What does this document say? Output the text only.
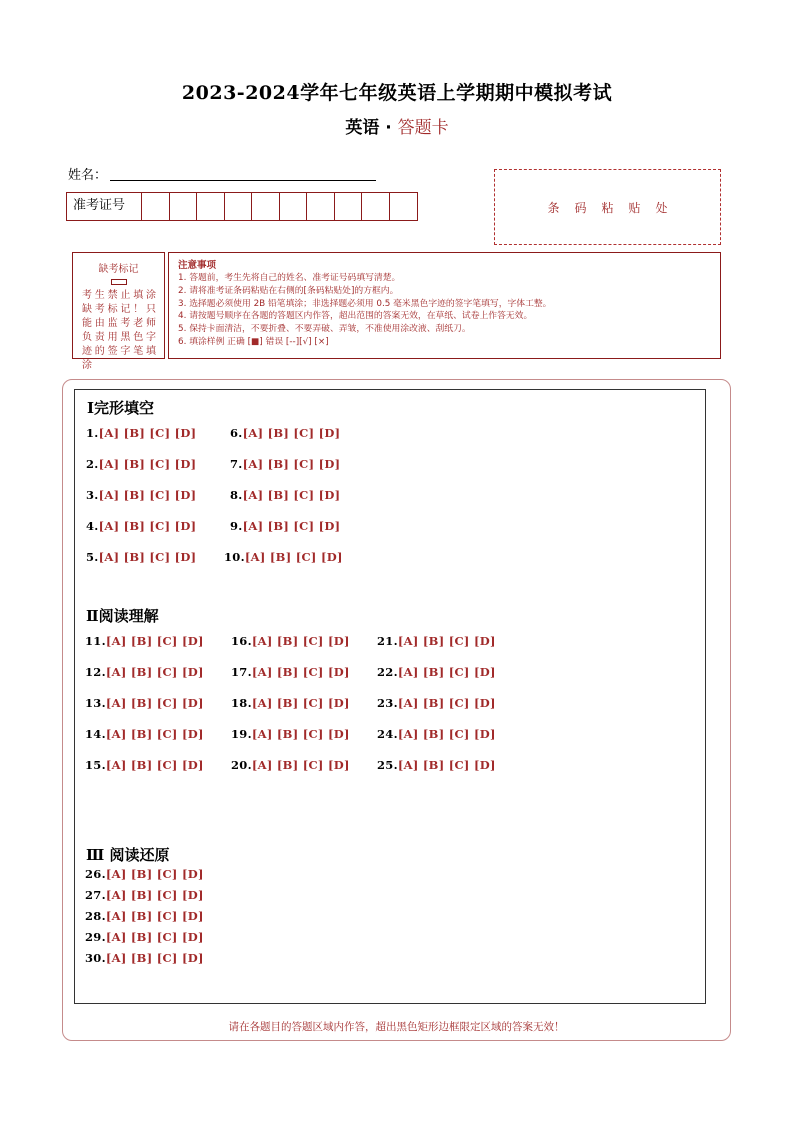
2023-2024学年七年级英语上学期期中模拟考试
英语 · 答题卡
姓名：
准考证号	条码粘贴处
缺考标记
考生禁止填涂缺考标记！只能由监考老师负责用黑色字迹的签字笔填涂
注意事项
1. 答题前，考生先将自己的姓名、准考证号码填写清楚。
2. 请将准考证条码粘贴在右侧的[条码粘贴处]的方框内。
3. 选择题必须使用 2B 铅笔填涂；非选择题必须用 0.5 毫米黑色字迹的签字笔填写，字体工整。
4. 请按题号顺序在各题的答题区内作答，超出范围的答案无效，在草纸、试卷上作答无效。
5. 保持卡面清洁，不要折叠、不要弄破、弄皱，不准使用涂改液、刮纸刀。
6. 填涂样例 正确 [■] 错误 [--][√] [×]
Ⅰ完形填空
Ⅱ阅读理解
Ⅲ 阅读还原
1.[A] [B] [C] [D]	6.[A] [B] [C] [D]
2.[A] [B] [C] [D]	7.[A] [B] [C] [D]
3.[A] [B] [C] [D]	8.[A] [B] [C] [D]
4.[A] [B] [C] [D]	9.[A] [B] [C] [D]
5.[A] [B] [C] [D] 10.[A] [B] [C] [D]
11.[A] [B] [C] [D] 16.[A] [B] [C] [D] 21.[A] [B] [C] [D]
12.[A] [B] [C] [D] 17.[A] [B] [C] [D] 22.[A] [B] [C] [D]
13.[A] [B] [C] [D] 18.[A] [B] [C] [D] 23.[A] [B] [C] [D]
14.[A] [B] [C] [D] 19.[A] [B] [C] [D] 24.[A] [B] [C] [D]
15.[A] [B] [C] [D] 20.[A] [B] [C] [D] 25.[A] [B] [C] [D]
26.[A] [B] [C] [D]
27.[A] [B] [C] [D]
28.[A] [B] [C] [D]
29.[A] [B] [C] [D]
30.[A] [B] [C] [D]
请在各题目的答题区域内作答，超出黑色矩形边框限定区域的答案无效！
